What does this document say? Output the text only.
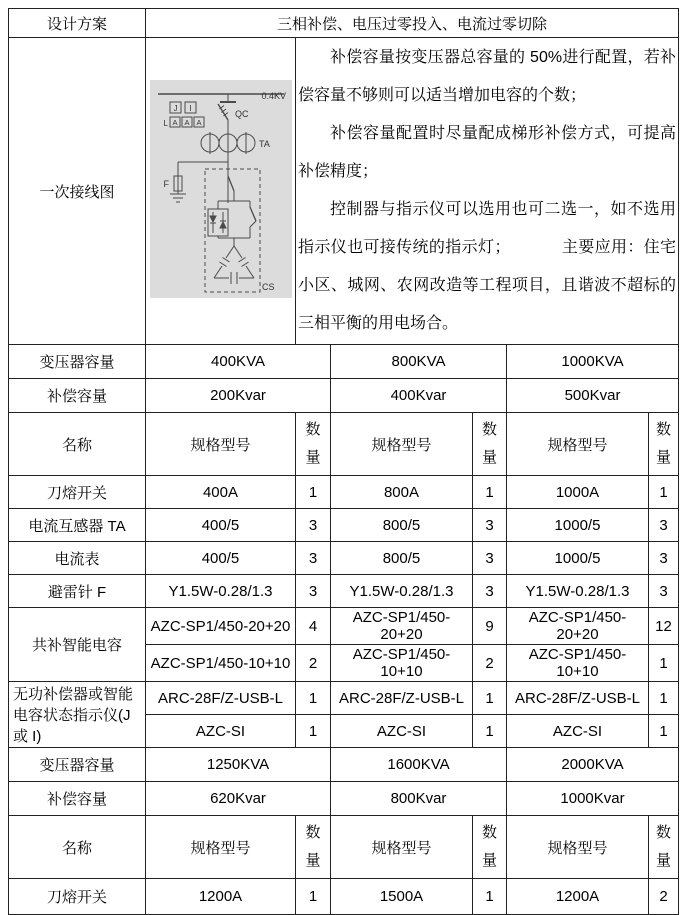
设计方案	三相补偿、电压过零投入、电流过零切除					
一次接线图	
0.4KV
J I
L A A A
QC
TA
F
CS

补偿容量按变压器总容量的 50%进行配置，若补偿容量不够则可以适当增加电容的个数；

补偿容量配置时尽量配成梯形补偿方式，可提高补偿精度；

控制器与指示仪可以选用也可二选一，如不选用指示仪也可接传统的指示灯；	主要应用：住宅小区、城网、农网改造等工程项目，且谐波不超标的三相平衡的用电场合。

变压器容量	400KVA		800KVA		1000KVA	
补偿容量	200Kvar		400Kvar		500Kvar	
名称	规格型号	数量	规格型号	数量	规格型号	数量
刀熔开关	400A	1	800A	1	1000A	1
电流互感器 TA	400/5	3	800/5	3	1000/5	3
电流表	400/5	3	800/5	3	1000/5	3
避雷针 F	Y1.5W-0.28/1.3	3	Y1.5W-0.28/1.3	3	Y1.5W-0.28/1.3	3
共补智能电容	AZC-SP1/450-20+20	4	AZC-SP1/450-20+20	9	AZC-SP1/450-20+20	12
	AZC-SP1/450-10+10	2	AZC-SP1/450-10+10	2	AZC-SP1/450-10+10	1
无功补偿器或智能电容状态指示仪(J 或 I)	ARC-28F/Z-USB-L	1	ARC-28F/Z-USB-L	1	ARC-28F/Z-USB-L	1
	AZC-SI	1	AZC-SI	1	AZC-SI	1
变压器容量	1250KVA		1600KVA		2000KVA	
补偿容量	620Kvar		800Kvar		1000Kvar	
名称	规格型号	数量	规格型号	数量	规格型号	数量
刀熔开关	1200A	1	1500A	1	1200A	2
